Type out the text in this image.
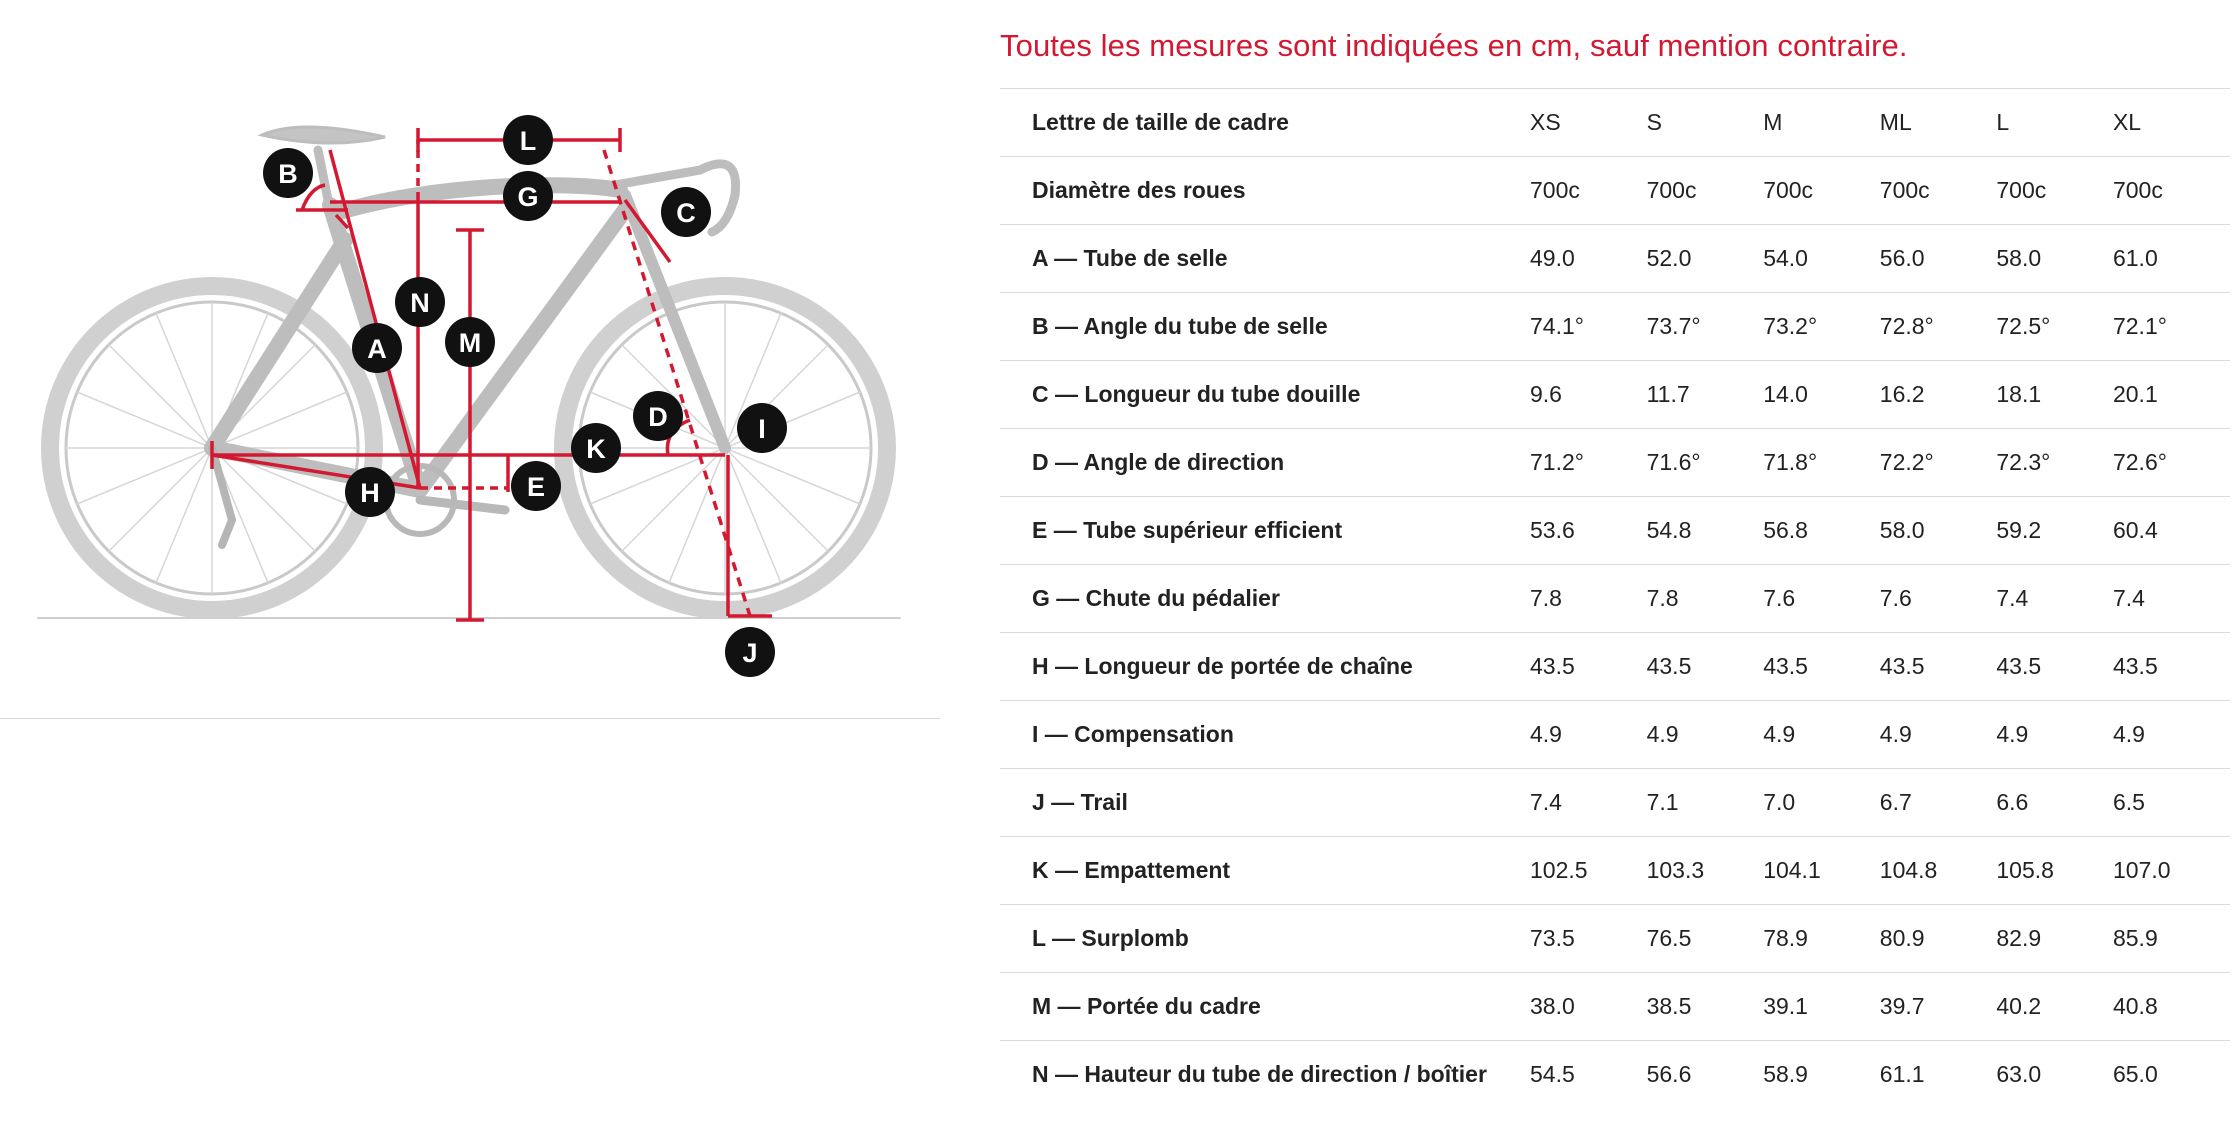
B
L
G
C
N
M
A
D	I
K
E
H
J
Toutes les mesures sont indiquées en cm, sauf mention contraire.
Lettre de taille de cadre	XS	S	M	ML	L	XL
Diamètre des roues	700c	700c	700c	700c	700c	700c
A — Tube de selle	49.0	52.0	54.0	56.0	58.0	61.0
B — Angle du tube de selle	74.1°	73.7°	73.2°	72.8°	72.5°	72.1°
C — Longueur du tube douille	9.6	11.7	14.0	16.2	18.1	20.1
D — Angle de direction	71.2°	71.6°	71.8°	72.2°	72.3°	72.6°
E — Tube supérieur efficient	53.6	54.8	56.8	58.0	59.2	60.4
G — Chute du pédalier	7.8	7.8	7.6	7.6	7.4	7.4
H — Longueur de portée de chaîne	43.5	43.5	43.5	43.5	43.5	43.5
I — Compensation	4.9	4.9	4.9	4.9	4.9	4.9
J — Trail	7.4	7.1	7.0	6.7	6.6	6.5
K — Empattement	102.5	103.3	104.1	104.8	105.8	107.0
L — Surplomb	73.5	76.5	78.9	80.9	82.9	85.9
M — Portée du cadre	38.0	38.5	39.1	39.7	40.2	40.8
N — Hauteur du tube de direction / boîtier	54.5	56.6	58.9	61.1	63.0	65.0
